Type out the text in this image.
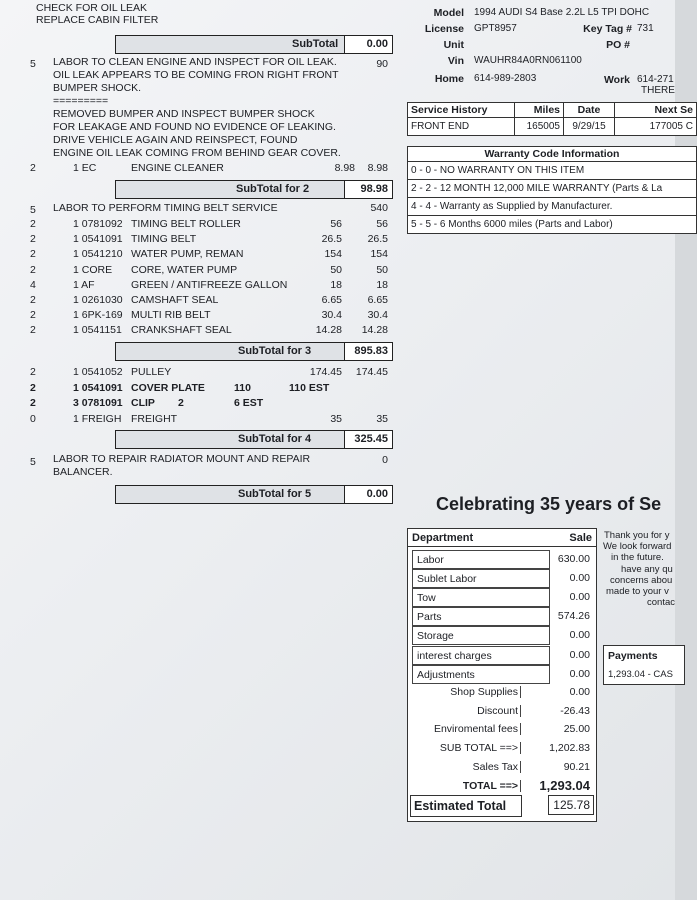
CHECK FOR OIL LEAK
REPLACE CABIN FILTER
Model 1994 AUDI S4 Base 2.2L L5 TPI DOHC
License GPT8957	Key Tag # 731
Unit	PO #
Vin WAUHR84A0RN061100
Home 614-989-2803	Work 614-271
THERE
SubTotal	0.00
5 LABOR TO CLEAN ENGINE AND INSPECT FOR OIL LEAK.
OIL LEAK APPEARS TO BE COMING FRON RIGHT FRONT
BUMPER SHOCK.
=========
REMOVED BUMPER AND INSPECT BUMPER SHOCK
FOR LEAKAGE AND FOUND NO EVIDENCE OF LEAKING.
DRIVE VEHICLE AGAIN AND REINSPECT, FOUND
ENGINE OIL LEAK COMING FROM BEHIND GEAR COVER.
90
2	1 EC	ENGINE CLEANER	8.98	8.98
SubTotal for 2	98.98
5 LABOR TO PERFORM TIMING BELT SERVICE	540
2	1 0781092 TIMING BELT ROLLER	56	56
2	1 0541091 TIMING BELT	26.5	26.5
2	1 0541210 WATER PUMP, REMAN	154	154
2	1 CORE CORE, WATER PUMP	50	50
4	1 AF	GREEN / ANTIFREEZE GALLON	18	18
2	1 0261030 CAMSHAFT SEAL	6.65	6.65
2	1 6PK-169 MULTI RIB BELT	30.4	30.4
2	1 0541151 CRANKSHAFT SEAL	14.28	14.28
SubTotal for 3	895.83
2	1 0541052 PULLEY	174.45	174.45
2	1 0541091 COVER PLATE	110	110 EST
2	3 0781091 CLIP 2	6 EST
0	1 FREIGH FREIGHT	35	35
SubTotal for 4	325.45
5 LABOR TO REPAIR RADIATOR MOUNT AND REPAIR
BALANCER.
0
SubTotal for 5	0.00
Service History	Miles	Date	Next Se
FRONT END	165005	9/29/15	177005 C
Warranty Code Information
0 - 0 - NO WARRANTY ON THIS ITEM
2 - 2 - 12 MONTH 12,000 MILE WARRANTY (Parts & La
4 - 4 - Warranty as Supplied by Manufacturer.
5 - 5 - 6 Months 6000 miles (Parts and Labor)
Celebrating 35 years of Se
Department	Sale
Labor	630.00
Sublet Labor	0.00
Tow	0.00
Parts	574.26
Storage	0.00
interest charges	0.00
Adjustments	0.00
Shop Supplies	0.00
Discount	-26.43
Enviromental fees	25.00
SUB TOTAL ==>	1,202.83
Sales Tax	90.21
TOTAL ==>	1,293.04
Estimated Total	125.78
Thank you for y
We look forward
in the future.
have any qu
concerns abou
made to your v
contac
Payments
1,293.04 - CAS
